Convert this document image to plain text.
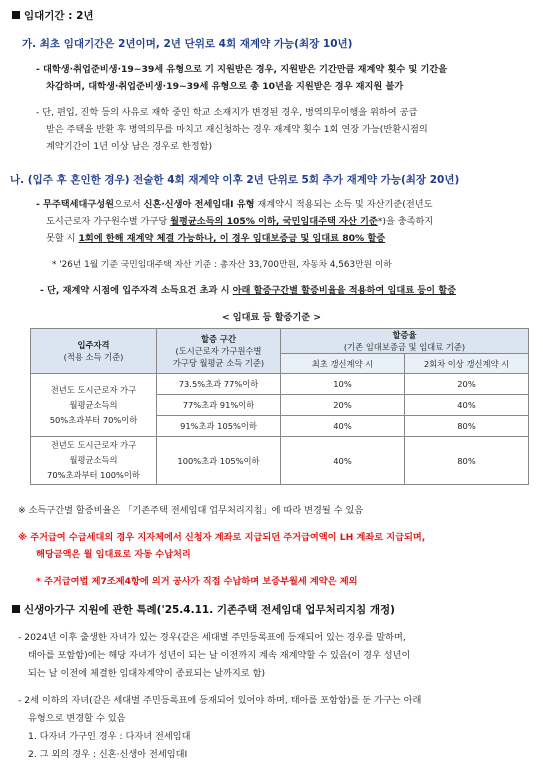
임대기간 : 2년
가. 최초 임대기간은 2년이며, 2년 단위로 4회 재계약 가능(최장 10년)
- 대학생·취업준비생·19~39세 유형으로 기 지원받은 경우, 지원받은 기간만큼 재계약 횟수 및 기간을
차감하며, 대학생·취업준비생·19~39세 유형으로 총 10년을 지원받은 경우 재지원 불가
- 단, 편입, 진학 등의 사유로 재학 중인 학교 소재지가 변경된 경우, 병역의무이행을 위하여 공급
받은 주택을 반환 후 병역의무를 마치고 재신청하는 경우 재계약 횟수 1회 연장 가능(반환시점의
계약기간이 1년 이상 남은 경우로 한정함)
나. (입주 후 혼인한 경우) 전술한 4회 재계약 이후 2년 단위로 5회 추가 재계약 가능(최장 20년)
- 무주택세대구성원으로서 신혼·신생아 전세임대Ⅰ 유형 재계약시 적용되는 소득 및 자산기준(전년도
도시근로자 가구원수별 가구당 월평균소득의 105% 이하, 국민임대주택 자산 기준*)을 충족하지
못할 시 1회에 한해 재계약 체결 가능하나, 이 경우 임대보증금 및 임대료 80% 할증
* '26년 1월 기준 국민임대주택 자산 기준 : 총자산 33,700만원, 자동차 4,563만원 이하
- 단, 재계약 시점에 입주자격 소득요건 초과 시 아래 할증구간별 할증비율을 적용하여 임대료 등이 할증
< 임대료 등 할증기준 >
입주자격
(적용 소득 기준)	할증 구간
(도시근로자 가구원수별
가구당 월평균 소득 기준)	할증율
(기존 임대보증금 및 임대료 기준)	
		최초 갱신계약 시	2회차 이상 갱신계약 시
전년도 도시근로자 가구
월평균소득의
50%초과부터 70%이하	73.5%초과 77%이하	10%	20%
	77%초과 91%이하	20%	40%
	91%초과 105%이하	40%	80%
전년도 도시근로자 가구
월평균소득의
70%초과부터 100%이하	100%초과 105%이하	40%	80%
※ 소득구간별 할증비율은 「기존주택 전세임대 업무처리지침」에 따라 변경될 수 있음
※ 주거급여 수급세대의 경우 지자체에서 신청자 계좌로 지급되던 주거급여액이 LH 계좌로 지급되며,
해당금액은 월 임대료로 자동 수납처리
* 주거급여법 제7조제4항에 의거 공사가 직접 수납하며 보증부월세 계약은 제외
신생아가구 지원에 관한 특례('25.4.11. 기존주택 전세임대 업무처리지침 개정)
- 2024년 이후 출생한 자녀가 있는 경우(같은 세대별 주민등록표에 등재되어 있는 경우를 말하며,
태아를 포함함)에는 해당 자녀가 성년이 되는 날 이전까지 계속 재계약할 수 있음(이 경우 성년이
되는 날 이전에 체결한 임대차계약이 종료되는 날까지로 함)
- 2세 이하의 자녀(같은 세대별 주민등록표에 등재되어 있어야 하며, 태아를 포함함)를 둔 가구는 아래
유형으로 변경할 수 있음
1. 다자녀 가구인 경우 : 다자녀 전세임대
2. 그 외의 경우 : 신혼·신생아 전세임대Ⅰ
